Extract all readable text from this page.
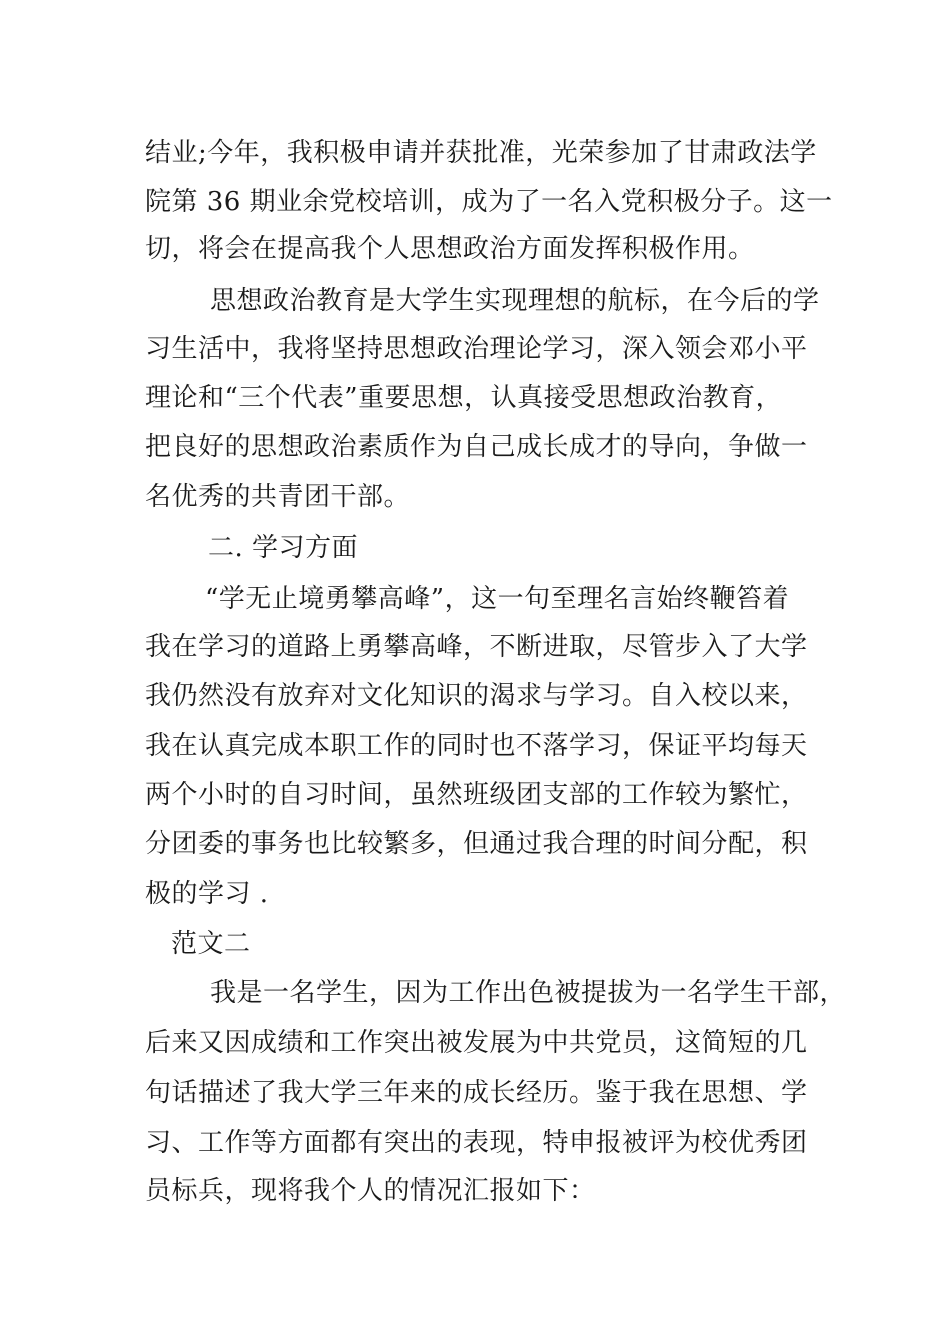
结业;今年，我积极申请并获批准，光荣参加了甘肃政法学
院第 36 期业余党校培训，成为了一名入党积极分子。这一
切，将会在提高我个人思想政治方面发挥积极作用。
思想政治教育是大学生实现理想的航标，在今后的学
习生活中，我将坚持思想政治理论学习，深入领会邓小平
理论和“三个代表”重要思想，认真接受思想政治教育，
把良好的思想政治素质作为自己成长成才的导向，争做一
名优秀的共青团干部。
二. 学习方面
“学无止境勇攀高峰”，这一句至理名言始终鞭笞着
我在学习的道路上勇攀高峰，不断进取，尽管步入了大学
我仍然没有放弃对文化知识的渴求与学习。自入校以来，
我在认真完成本职工作的同时也不落学习，保证平均每天
两个小时的自习时间，虽然班级团支部的工作较为繁忙，
分团委的事务也比较繁多，但通过我合理的时间分配，积
极的学习 .
范文二
我是一名学生，因为工作出色被提拔为一名学生干部，
后来又因成绩和工作突出被发展为中共党员，这简短的几
句话描述了我大学三年来的成长经历。鉴于我在思想、学
习、工作等方面都有突出的表现，特申报被评为校优秀团
员标兵，现将我个人的情况汇报如下：
